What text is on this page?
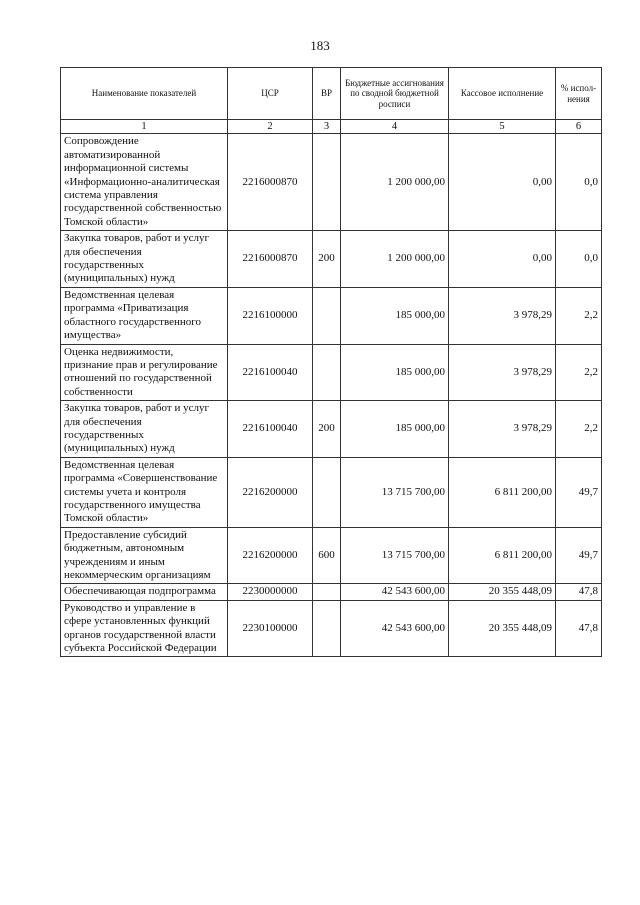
183
Наименование показателей	ЦСР	ВР	Бюджетные ассигнования по сводной бюджетной росписи	Кассовое исполнение	% испол-нения
1	2	3	4	5	6
Сопровождение автоматизированной информационной системы «Информационно-аналитическая система управления государственной собственностью Томской области»	2216000870		1 200 000,00	0,00	0,0
Закупка товаров, работ и услуг для обеспечения государственных (муниципальных) нужд	2216000870	200	1 200 000,00	0,00	0,0
Ведомственная целевая программа «Приватизация областного государственного имущества»	2216100000		185 000,00	3 978,29	2,2
Оценка недвижимости, признание прав и регулирование отношений по государственной собственности	2216100040		185 000,00	3 978,29	2,2
Закупка товаров, работ и услуг для обеспечения государственных (муниципальных) нужд	2216100040	200	185 000,00	3 978,29	2,2
Ведомственная целевая программа «Совершенствование системы учета и контроля государственного имущества Томской области»	2216200000		13 715 700,00	6 811 200,00	49,7
Предоставление субсидий бюджетным, автономным учреждениям и иным некоммерческим организациям	2216200000	600	13 715 700,00	6 811 200,00	49,7
Обеспечивающая подпрограмма	2230000000		42 543 600,00	20 355 448,09	47,8
Руководство и управление в сфере установленных функций органов государственной власти субъекта Российской Федерации	2230100000		42 543 600,00	20 355 448,09	47,8
